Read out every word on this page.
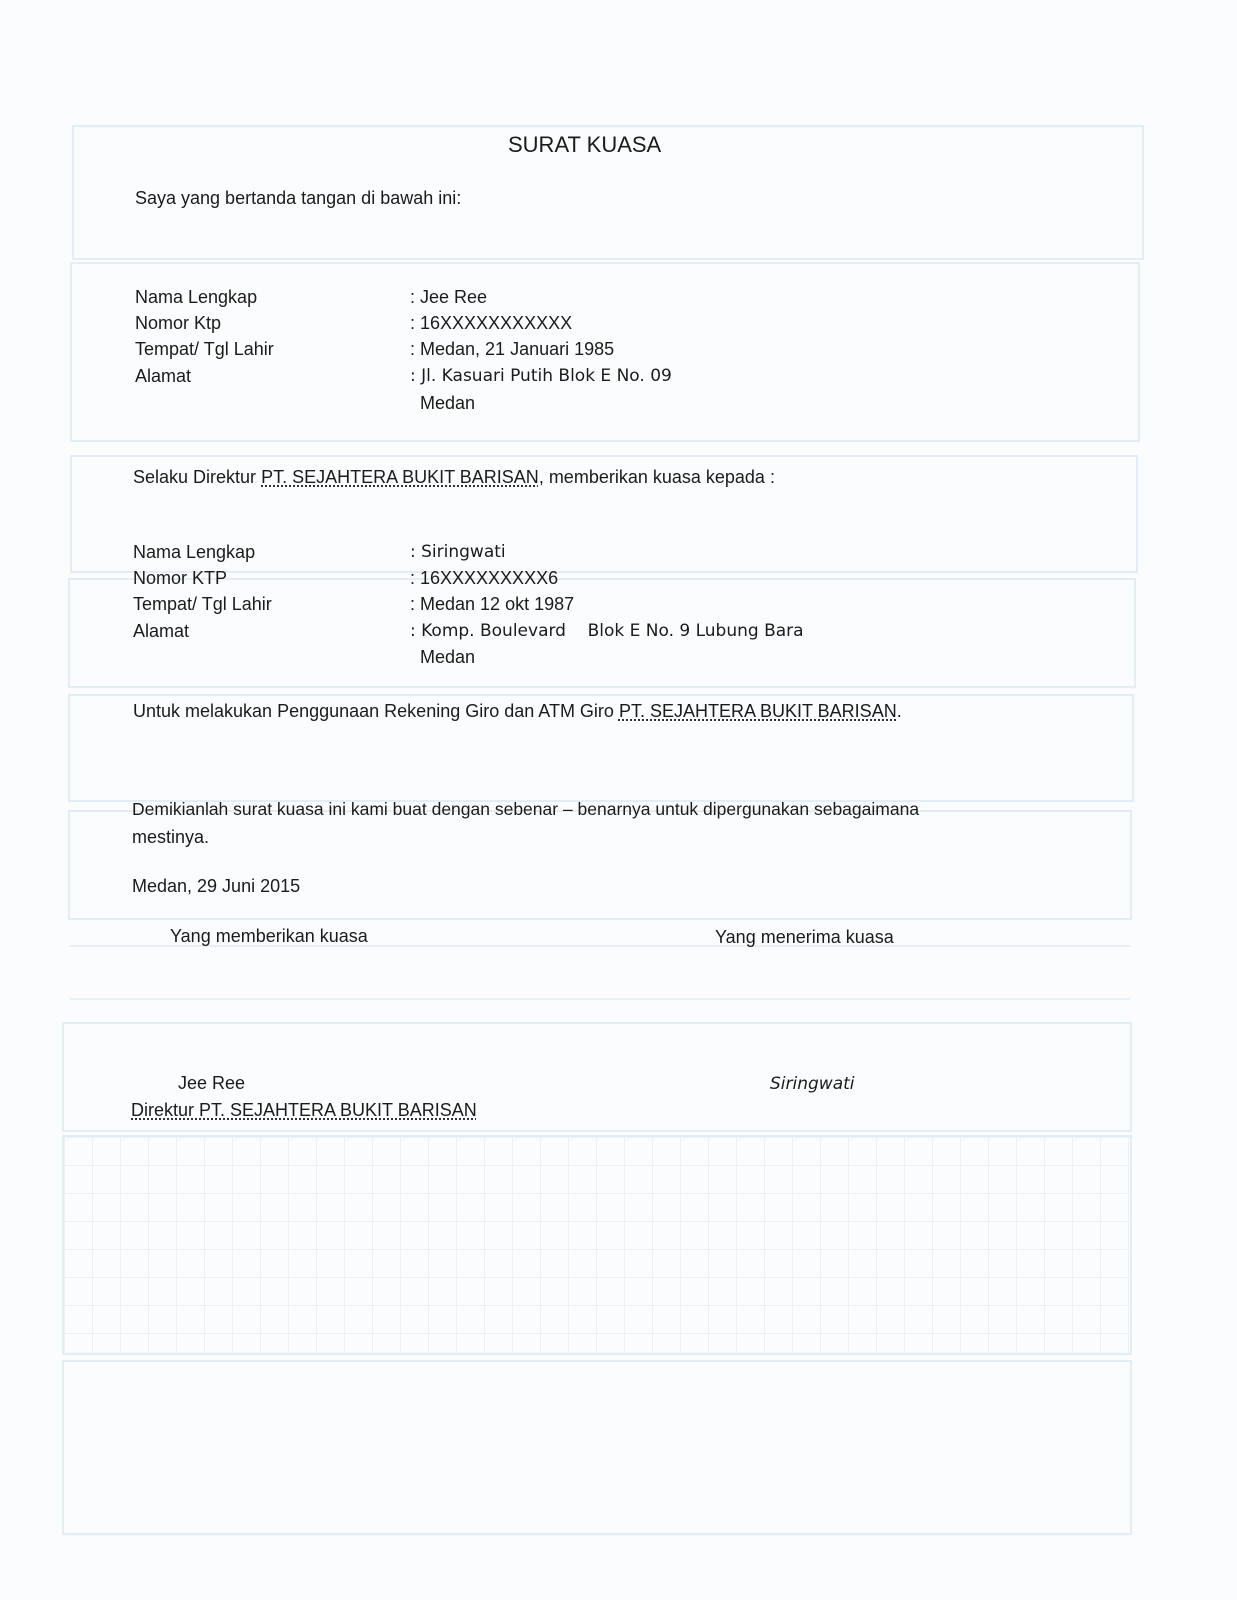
SURAT KUASA
Saya yang bertanda tangan di bawah ini:
Nama Lengkap	: Jee Ree
Nomor Ktp	: 16XXXXXXXXXXX
Tempat/ Tgl Lahir	: Medan, 21 Januari 1985
Alamat	: Jl. Kasuari Putih Blok E No. 09
Medan
Selaku Direktur PT. SEJAHTERA BUKIT BARISAN, memberikan kuasa kepada :
Nama Lengkap	: Siringwati
Nomor KTP	: 16XXXXXXXXX6
Tempat/ Tgl Lahir	: Medan 12 okt 1987
Alamat	: Komp. Boulevard    Blok E No. 9 Lubung Bara
Medan
Untuk melakukan Penggunaan Rekening Giro dan ATM Giro PT. SEJAHTERA BUKIT BARISAN.
Demikianlah surat kuasa ini kami buat dengan sebenar – benarnya untuk dipergunakan sebagaimana
mestinya.
Medan, 29 Juni 2015
Yang memberikan kuasa	Yang menerima kuasa
Jee Ree
Direktur PT. SEJAHTERA BUKIT BARISAN
Siringwati
